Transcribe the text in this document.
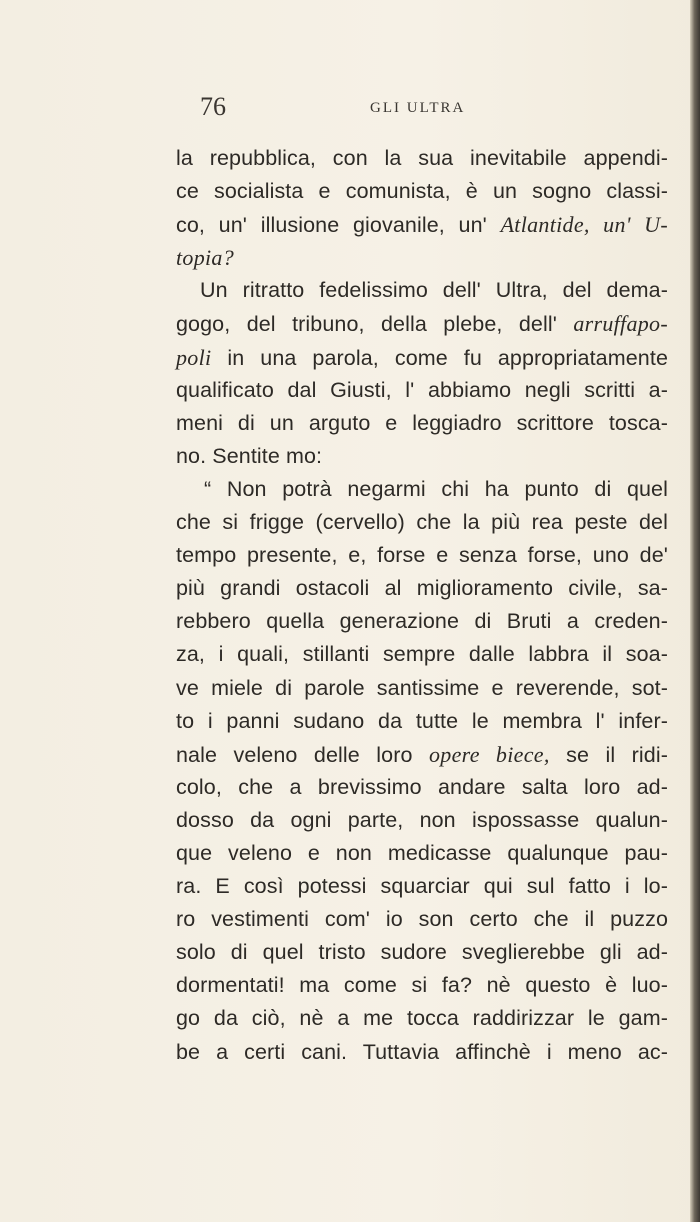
76	GLI ULTRA
la repubblica, con la sua inevitabile appendi-
ce socialista e comunista, è un sogno classi-
co, un' illusione giovanile, un' Atlantide, un' U-
topia?
Un ritratto fedelissimo dell' Ultra, del dema-
gogo, del tribuno, della plebe, dell' arruffapo-
poli in una parola, come fu appropriatamente
qualificato dal Giusti, l' abbiamo negli scritti a-
meni di un arguto e leggiadro scrittore tosca-
no. Sentite mo:
“ Non potrà negarmi chi ha punto di quel
che si frigge (cervello) che la più rea peste del
tempo presente, e, forse e senza forse, uno de'
più grandi ostacoli al miglioramento civile, sa-
rebbero quella generazione di Bruti a creden-
za, i quali, stillanti sempre dalle labbra il soa-
ve miele di parole santissime e reverende, sot-
to i panni sudano da tutte le membra l' infer-
nale veleno delle loro opere biece, se il ridi-
colo, che a brevissimo andare salta loro ad-
dosso da ogni parte, non ispossasse qualun-
que veleno e non medicasse qualunque pau-
ra. E così potessi squarciar qui sul fatto i lo-
ro vestimenti com' io son certo che il puzzo
solo di quel tristo sudore sveglierebbe gli ad-
dormentati! ma come si fa? nè questo è luo-
go da ciò, nè a me tocca raddirizzar le gam-
be a certi cani. Tuttavia affinchè i meno ac-
